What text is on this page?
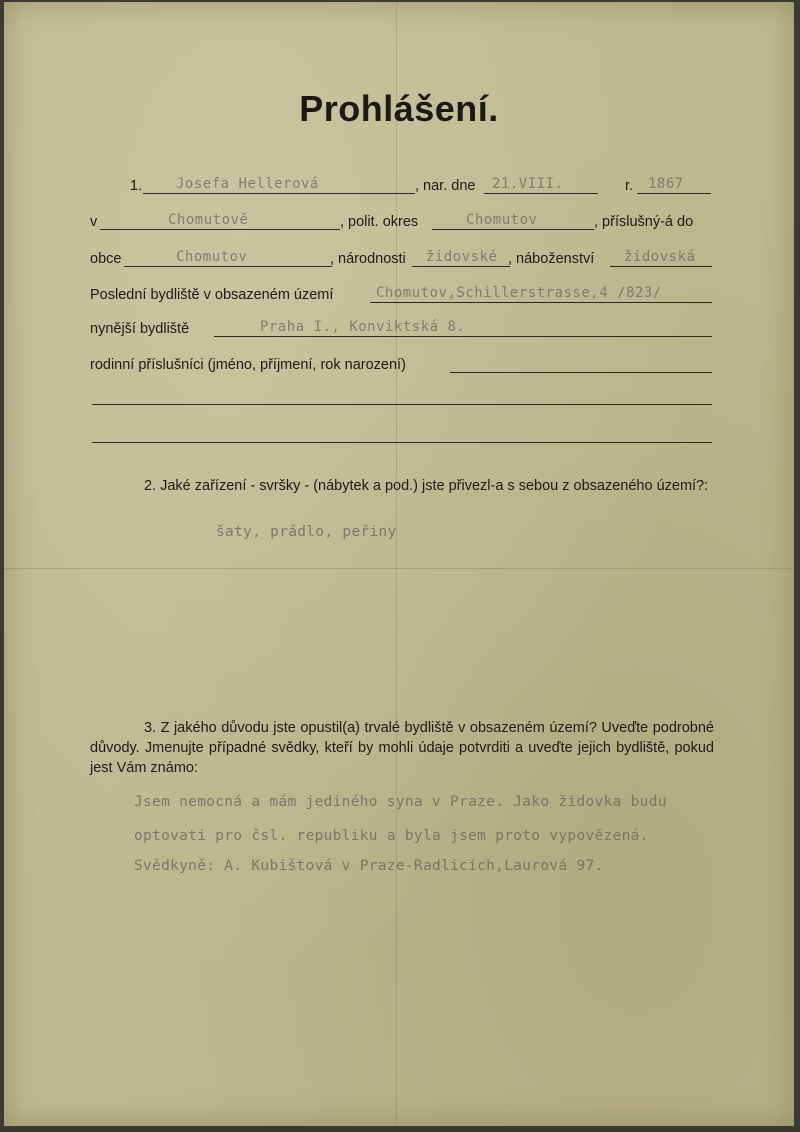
Prohlášení.
1. Josefa Hellerová	, nar. dne 21.VIII.	r. 1867
v	Chomutově	, polit. okres	Chomutov	, příslušný-á do
obce	Chomutov	, národnosti židovské , náboženství židovská
Poslední bydliště v obsazeném území	Chomutov,Schillerstrasse,4 /823/
nynější bydliště	Praha I., Konviktská 8.
rodinní příslušníci (jméno, příjmení, rok narození)
2. Jaké zařízení - svršky - (nábytek a pod.) jste přivezl-a s sebou z obsazeného území?:
šaty, prádlo, peřiny
3. Z jakého důvodu jste opustil(a) trvalé bydliště v obsazeném území? Uveďte podrobné důvody. Jmenujte případné svědky, kteří by mohli údaje potvrditi a uveďte jejich bydliště, pokud jest Vám známo:
Jsem nemocná a mám jediného syna v Praze. Jako židovka budu
optovati pro čsl. republiku a byla jsem proto vypovězená.
Svědkyně: A. Kubištová v Praze-Radlicích,Laurová 97.
